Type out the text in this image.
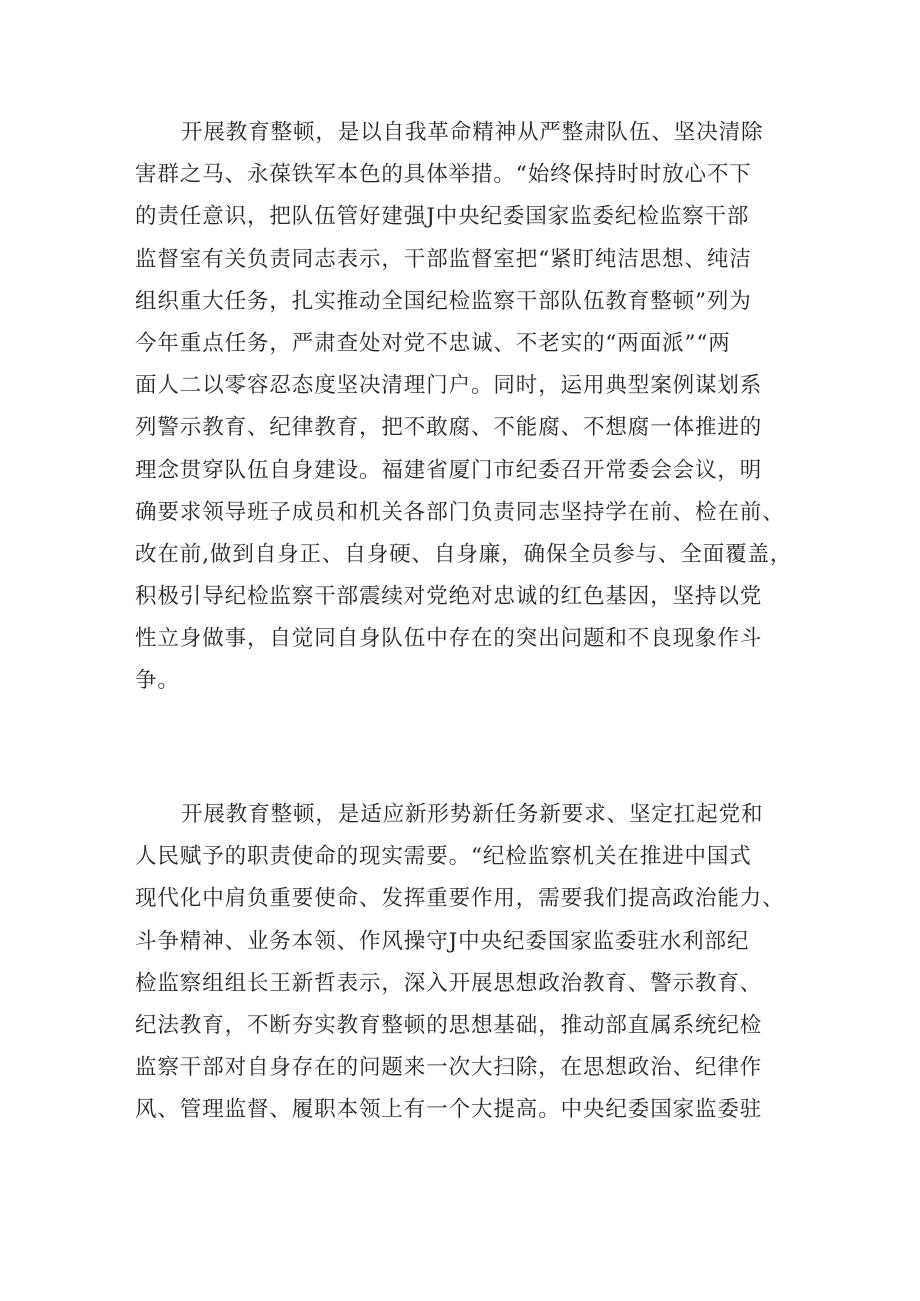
开展教育整顿，是以自我革命精神从严整肃队伍、坚决清除
害群之马、永葆铁军本色的具体举措。“始终保持时时放心不下
的责任意识，把队伍管好建强J中央纪委国家监委纪检监察干部
监督室有关负责同志表示，干部监督室把“紧盯纯洁思想、纯洁
组织重大任务，扎实推动全国纪检监察干部队伍教育整顿”列为
今年重点任务，严肃查处对党不忠诚、不老实的“两面派”“两
面人二以零容忍态度坚决清理门户。同时，运用典型案例谋划系
列警示教育、纪律教育，把不敢腐、不能腐、不想腐一体推进的
理念贯穿队伍自身建设。福建省厦门市纪委召开常委会会议，明
确要求领导班子成员和机关各部门负责同志坚持学在前、检在前、
改在前,做到自身正、自身硬、自身廉，确保全员参与、全面覆盖，
积极引导纪检监察干部震续对党绝对忠诚的红色基因，坚持以党
性立身做事，自觉同自身队伍中存在的突出问题和不良现象作斗
争。
开展教育整顿，是适应新形势新任务新要求、坚定扛起党和
人民赋予的职责使命的现实需要。“纪检监察机关在推进中国式
现代化中肩负重要使命、发挥重要作用，需要我们提高政治能力、
斗争精神、业务本领、作风操守J中央纪委国家监委驻水利部纪
检监察组组长王新哲表示，深入开展思想政治教育、警示教育、
纪法教育，不断夯实教育整顿的思想基础，推动部直属系统纪检
监察干部对自身存在的问题来一次大扫除，在思想政治、纪律作
风、管理监督、履职本领上有一个大提高。中央纪委国家监委驻
